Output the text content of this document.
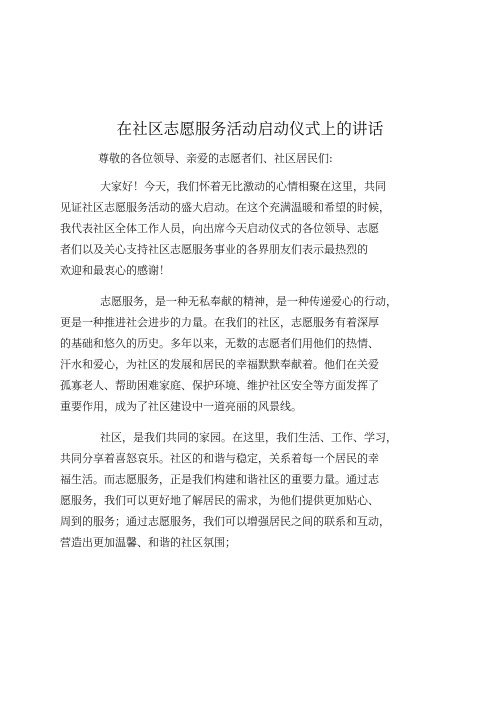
在社区志愿服务活动启动仪式上的讲话
尊敬的各位领导、亲爱的志愿者们、社区居民们:

大家好！今天，我们怀着无比激动的心情相聚在这里，共同
见证社区志愿服务活动的盛大启动。在这个充满温暖和希望的时候，
我代表社区全体工作人员，向出席今天启动仪式的各位领导、志愿
者们以及关心支持社区志愿服务事业的各界朋友们表示最热烈的
欢迎和最衷心的感谢！

志愿服务，是一种无私奉献的精神，是一种传递爱心的行动，
更是一种推进社会进步的力量。在我们的社区，志愿服务有着深厚
的基础和悠久的历史。多年以来，无数的志愿者们用他们的热情、
汗水和爱心，为社区的发展和居民的幸福默默奉献着。他们在关爱
孤寡老人、帮助困难家庭、保护环境、维护社区安全等方面发挥了
重要作用，成为了社区建设中一道亮丽的风景线。

社区，是我们共同的家园。在这里，我们生活、工作、学习，
共同分享着喜怒哀乐。社区的和谐与稳定，关系着每一个居民的幸
福生活。而志愿服务，正是我们构建和谐社区的重要力量。通过志
愿服务，我们可以更好地了解居民的需求，为他们提供更加贴心、
周到的服务；通过志愿服务，我们可以增强居民之间的联系和互动，
营造出更加温馨、和谐的社区氛围；
